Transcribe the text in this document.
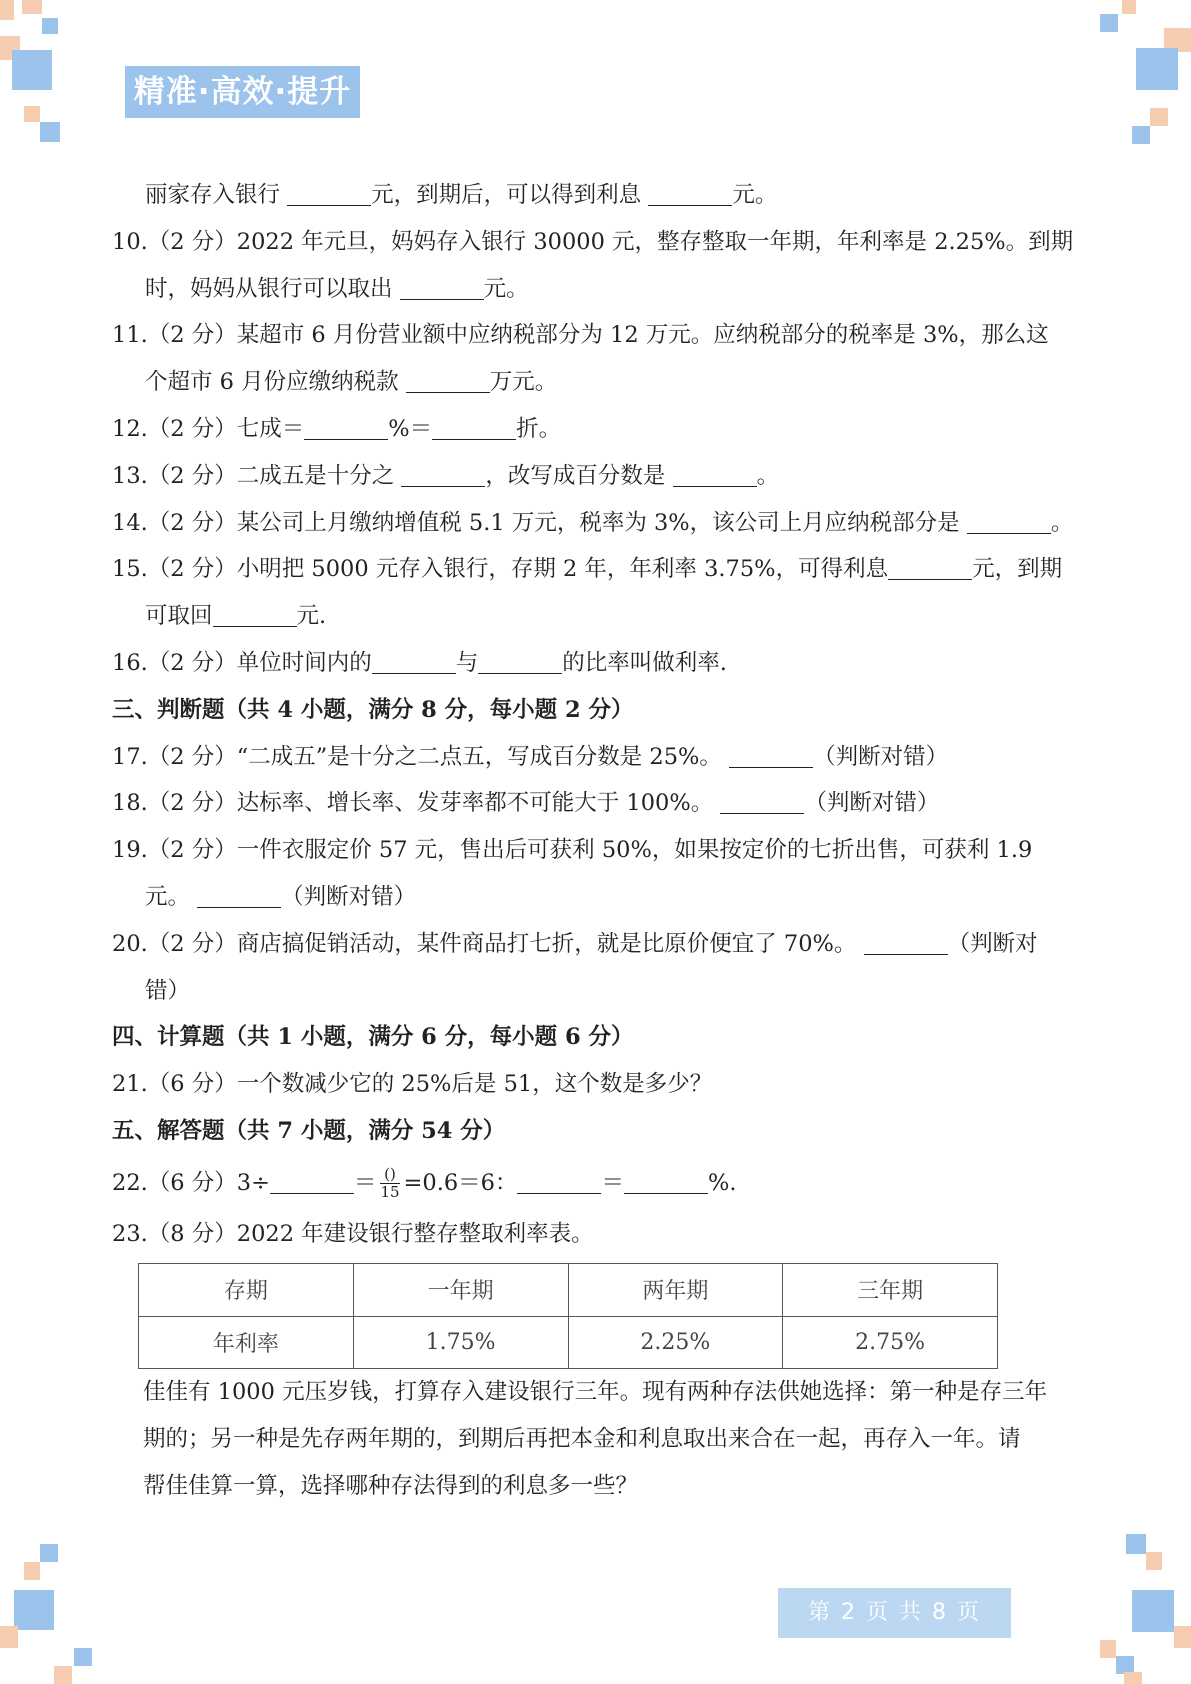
精准·高效·提升
丽家存入银行	元，到期后，可以得到利息	元。
10.（2 分）2022 年元旦，妈妈存入银行 30000 元，整存整取一年期，年利率是 2.25%。到期
时，妈妈从银行可以取出	元。
11.（2 分）某超市 6 月份营业额中应纳税部分为 12 万元。应纳税部分的税率是 3%，那么这
个超市 6 月份应缴纳税款	万元。
12.（2 分）七成＝	%＝	折。
13.（2 分）二成五是十分之	，改写成百分数是	。
14.（2 分）某公司上月缴纳增值税 5.1 万元，税率为 3%，该公司上月应纳税部分是	。
15.（2 分）小明把 5000 元存入银行，存期 2 年，年利率 3.75%，可得利息	元，到期
可取回	元.
16.（2 分）单位时间内的	与	的比率叫做利率.
三、判断题（共 4 小题，满分 8 分，每小题 2 分）
17.（2 分）“二成五”是十分之二点五，写成百分数是 25%。	（判断对错）
18.（2 分）达标率、增长率、发芽率都不可能大于 100%。	（判断对错）
19.（2 分）一件衣服定价 57 元，售出后可获利 50%，如果按定价的七折出售，可获利 1.9
元。	（判断对错）
20.（2 分）商店搞促销活动，某件商品打七折，就是比原价便宜了 70%。	（判断对
错）
四、计算题（共 1 小题，满分 6 分，每小题 6 分）
21.（6 分）一个数减少它的 25%后是 51，这个数是多少？
五、解答题（共 7 小题，满分 54 分）
22.（6 分）3÷	＝ $\frac{()}{15} =0.6=6$：	＝	%.
23.（8 分）2022 年建设银行整存整取利率表。
存期	一年期	两年期	三年期
年利率	1.75%	2.25%	2.75%
佳佳有 1000 元压岁钱，打算存入建设银行三年。现有两种存法供她选择：第一种是存三年
期的；另一种是先存两年期的，到期后再把本金和利息取出来合在一起，再存入一年。请
帮佳佳算一算，选择哪种存法得到的利息多一些？
第 2 页 共 8 页
